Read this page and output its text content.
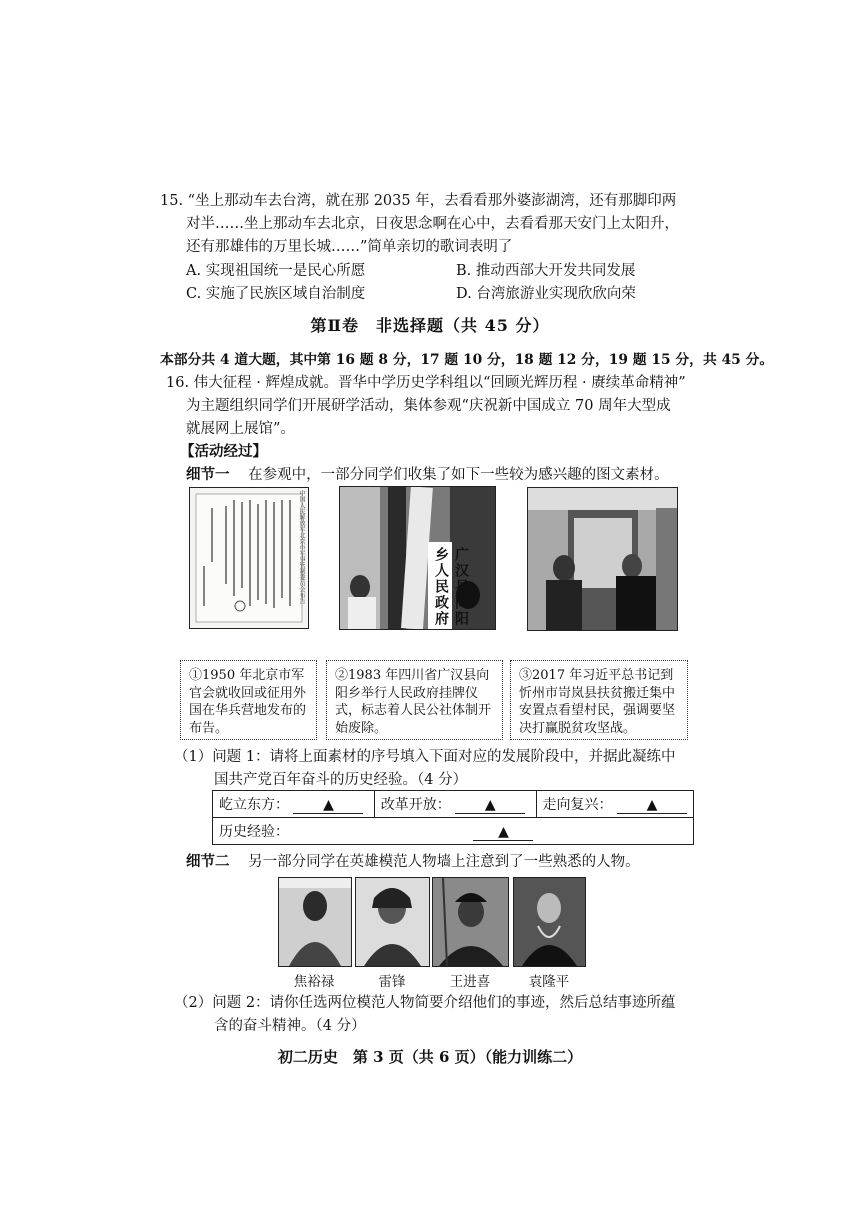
15. “坐上那动车去台湾，就在那 2035 年，去看看那外婆澎湖湾，还有那脚印两
对半……坐上那动车去北京，日夜思念啊在心中，去看看那天安门上太阳升，
还有那雄伟的万里长城……”简单亲切的歌词表明了
A. 实现祖国统一是民心所愿	B. 推动西部大开发共同发展
C. 实施了民族区域自治制度	D. 台湾旅游业实现欣欣向荣
第Ⅱ卷　非选择题（共 45 分）
本部分共 4 道大题，其中第 16 题 8 分，17 题 10 分，18 题 12 分，19 题 15 分，共 45 分。
16. 伟大征程 · 辉煌成就。晋华中学历史学科组以“回顾光辉历程 · 赓续革命精神”
为主题组织同学们开展研学活动，集体参观“庆祝新中国成立 70 周年大型成
就展网上展馆”。
【活动经过】
细节一 在参观中，一部分同学们收集了如下一些较为感兴趣的图文素材。
中国人民解放军北京市军事管制委员会布告	广汉县向阳乡人民政府
①1950 年北京市军官会就收回或征用外国在华兵营地发布的布告。
②1983 年四川省广汉县向阳乡举行人民政府挂牌仪式，标志着人民公社体制开始废除。
③2017 年习近平总书记到忻州市岢岚县扶贫搬迁集中安置点看望村民，强调要坚决打赢脱贫攻坚战。
（1）问题 1：请将上面素材的序号填入下面对应的发展阶段中，并据此凝练中
国共产党百年奋斗的历史经验。（4 分）
屹立东方： ▲	改革开放： ▲	走向复兴： ▲
历史经验：	▲
细节二 另一部分同学在英雄模范人物墙上注意到了一些熟悉的人物。
焦裕禄	雷锋	王进喜	袁隆平
（2）问题 2：请你任选两位模范人物简要介绍他们的事迹，然后总结事迹所蕴
含的奋斗精神。（4 分）
初二历史　第 3 页（共 6 页）（能力训练二）
